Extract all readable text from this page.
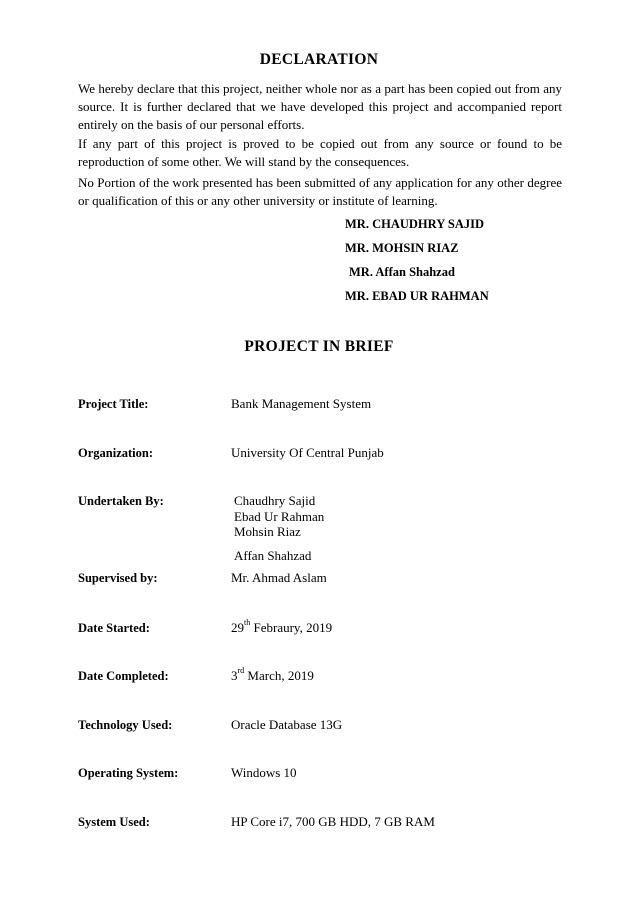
DECLARATION
We hereby declare that this project, neither whole nor as a part has been copied out from any source. It is further declared that we have developed this project and accompanied report entirely on the basis of our personal efforts.
If any part of this project is proved to be copied out from any source or found to be reproduction of some other. We will stand by the consequences.
No Portion of the work presented has been submitted of any application for any other degree or qualification of this or any other university or institute of learning.
MR. CHAUDHRY SAJID
MR. MOHSIN RIAZ
MR. Affan Shahzad
MR. EBAD UR RAHMAN
PROJECT IN BRIEF
Project Title:	Bank Management System
Organization:	University Of Central Punjab
Undertaken By:	Chaudhry Sajid
Ebad Ur Rahman
Mohsin Riaz
Affan Shahzad
Supervised by:	Mr. Ahmad Aslam
Date Started:	29th Febraury, 2019
Date Completed:	3rd March, 2019
Technology Used:	Oracle Database 13G
Operating System:	Windows 10
System Used:	HP Core i7, 700 GB HDD, 7 GB RAM
